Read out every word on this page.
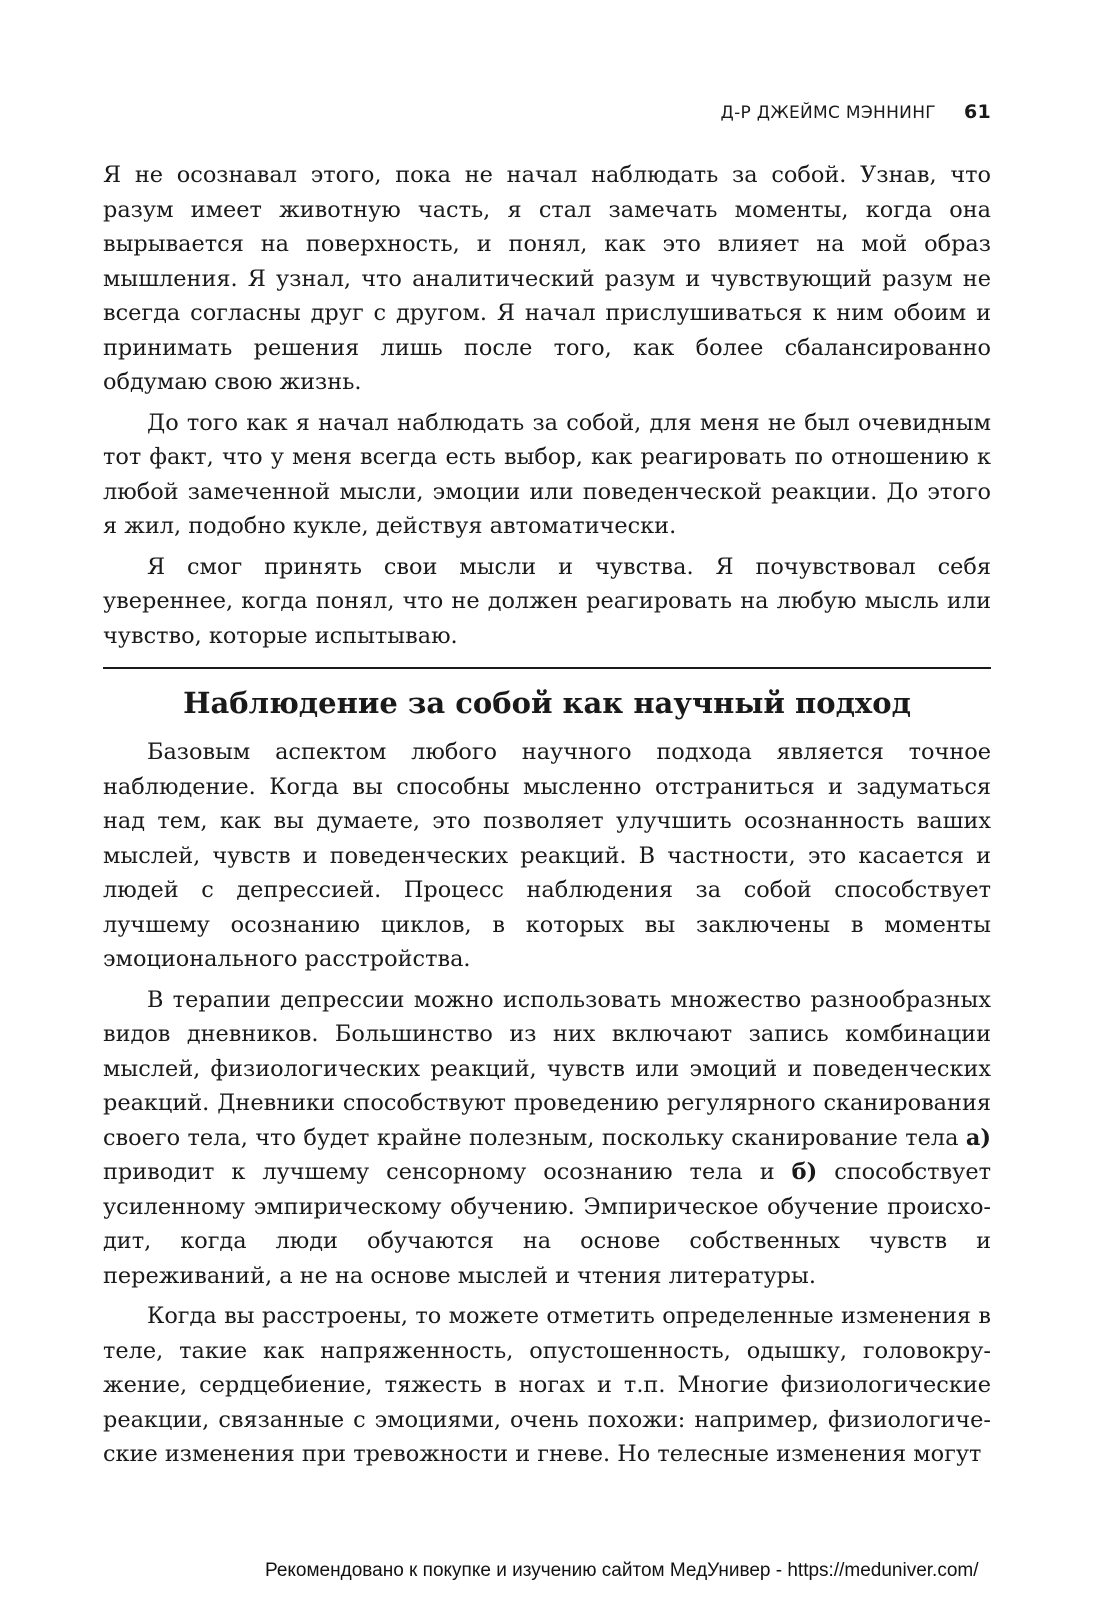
Д-Р ДЖЕЙМС МЭННИНГ 61

Я не осознавал этого, пока не начал наблюдать за собой. Узнав, что разум имеет животную часть, я стал замечать моменты, когда она вырывается на поверхность, и понял, как это влияет на мой образ мышления. Я узнал, что аналитический разум и чувствующий разум не всегда согласны друг с другом. Я начал прислушиваться к ним обоим и принимать решения лишь после того, как более сбалансированно обдумаю свою жизнь.

До того как я начал наблюдать за собой, для меня не был очевидным тот факт, что у меня всегда есть выбор, как реагировать по отношению к любой замеченной мысли, эмоции или поведенческой реакции. До этого я жил, подобно кукле, действуя автоматически.

Я смог принять свои мысли и чувства. Я почувствовал себя увереннее, когда понял, что не должен реагировать на любую мысль или чувство, которые испытываю.

Наблюдение за собой как научный подход

Базовым аспектом любого научного подхода является точное наблюдение. Когда вы способны мысленно отстраниться и задуматься над тем, как вы думаете, это позволяет улучшить осознанность ваших мыслей, чувств и поведенческих реакций. В частности, это касается и людей с депрессией. Процесс наблюдения за собой способствует лучшему осознанию циклов, в которых вы заключены в моменты эмоционального расстройства.

В терапии депрессии можно использовать множество разнообразных видов дневников. Большинство из них включают запись комбинации мыслей, физиологических реакций, чувств или эмоций и поведенческих реакций. Дневники способствуют проведению регулярного сканирования своего тела, что будет крайне полезным, поскольку сканирование тела а) приводит к лучшему сенсорному осознанию тела и б) способствует усиленному эмпирическому обучению. Эмпирическое обучение происходит, когда люди обучаются на основе собственных чувств и переживаний, а не на основе мыслей и чтения литературы.

Когда вы расстроены, то можете отметить определенные изменения в теле, такие как напряженность, опустошенность, одышку, головокружение, сердцебиение, тяжесть в ногах и т.п. Многие физиологические реакции, связанные с эмоциями, очень похожи: например, физиологические изменения при тревожности и гневе. Но телесные изменения могут

Рекомендовано к покупке и изучению сайтом МедУнивер - https://meduniver.com/
